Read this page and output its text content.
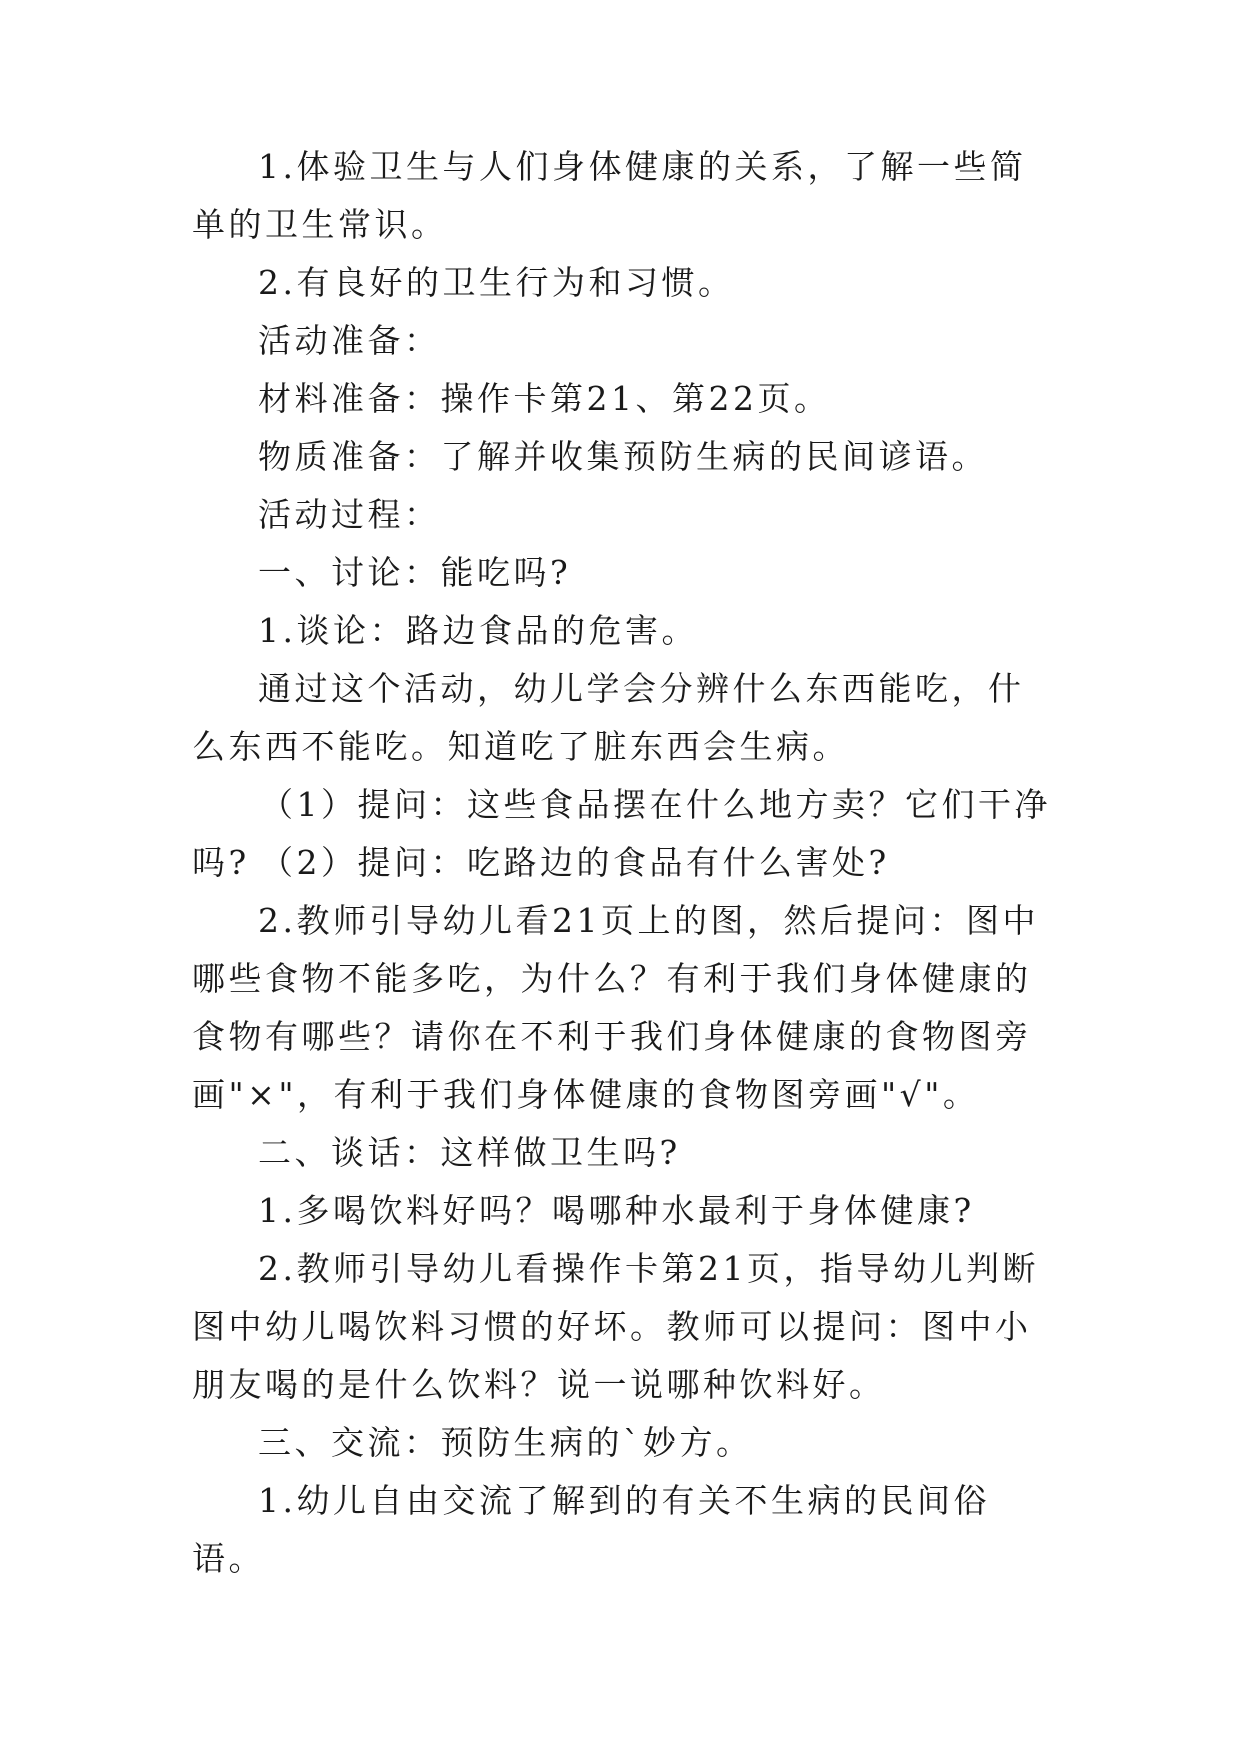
1.体验卫生与人们身体健康的关系，了解一些简单的卫生常识。

2.有良好的卫生行为和习惯。

活动准备：

材料准备：操作卡第21、第22页。

物质准备：了解并收集预防生病的民间谚语。

活动过程：

一、讨论：能吃吗?

1.谈论：路边食品的危害。

通过这个活动，幼儿学会分辨什么东西能吃，什么东西不能吃。知道吃了脏东西会生病。

（1）提问：这些食品摆在什么地方卖？它们干净吗? （2）提问：吃路边的食品有什么害处?

2.教师引导幼儿看21页上的图，然后提问：图中哪些食物不能多吃，为什么？有利于我们身体健康的食物有哪些？请你在不利于我们身体健康的食物图旁画"×"，有利于我们身体健康的食物图旁画"√"。

二、谈话：这样做卫生吗?

1.多喝饮料好吗？喝哪种水最利于身体健康?

2.教师引导幼儿看操作卡第21页，指导幼儿判断图中幼儿喝饮料习惯的好坏。教师可以提问：图中小朋友喝的是什么饮料？说一说哪种饮料好。

三、交流：预防生病的`妙方。

1.幼儿自由交流了解到的有关不生病的民间俗语。
